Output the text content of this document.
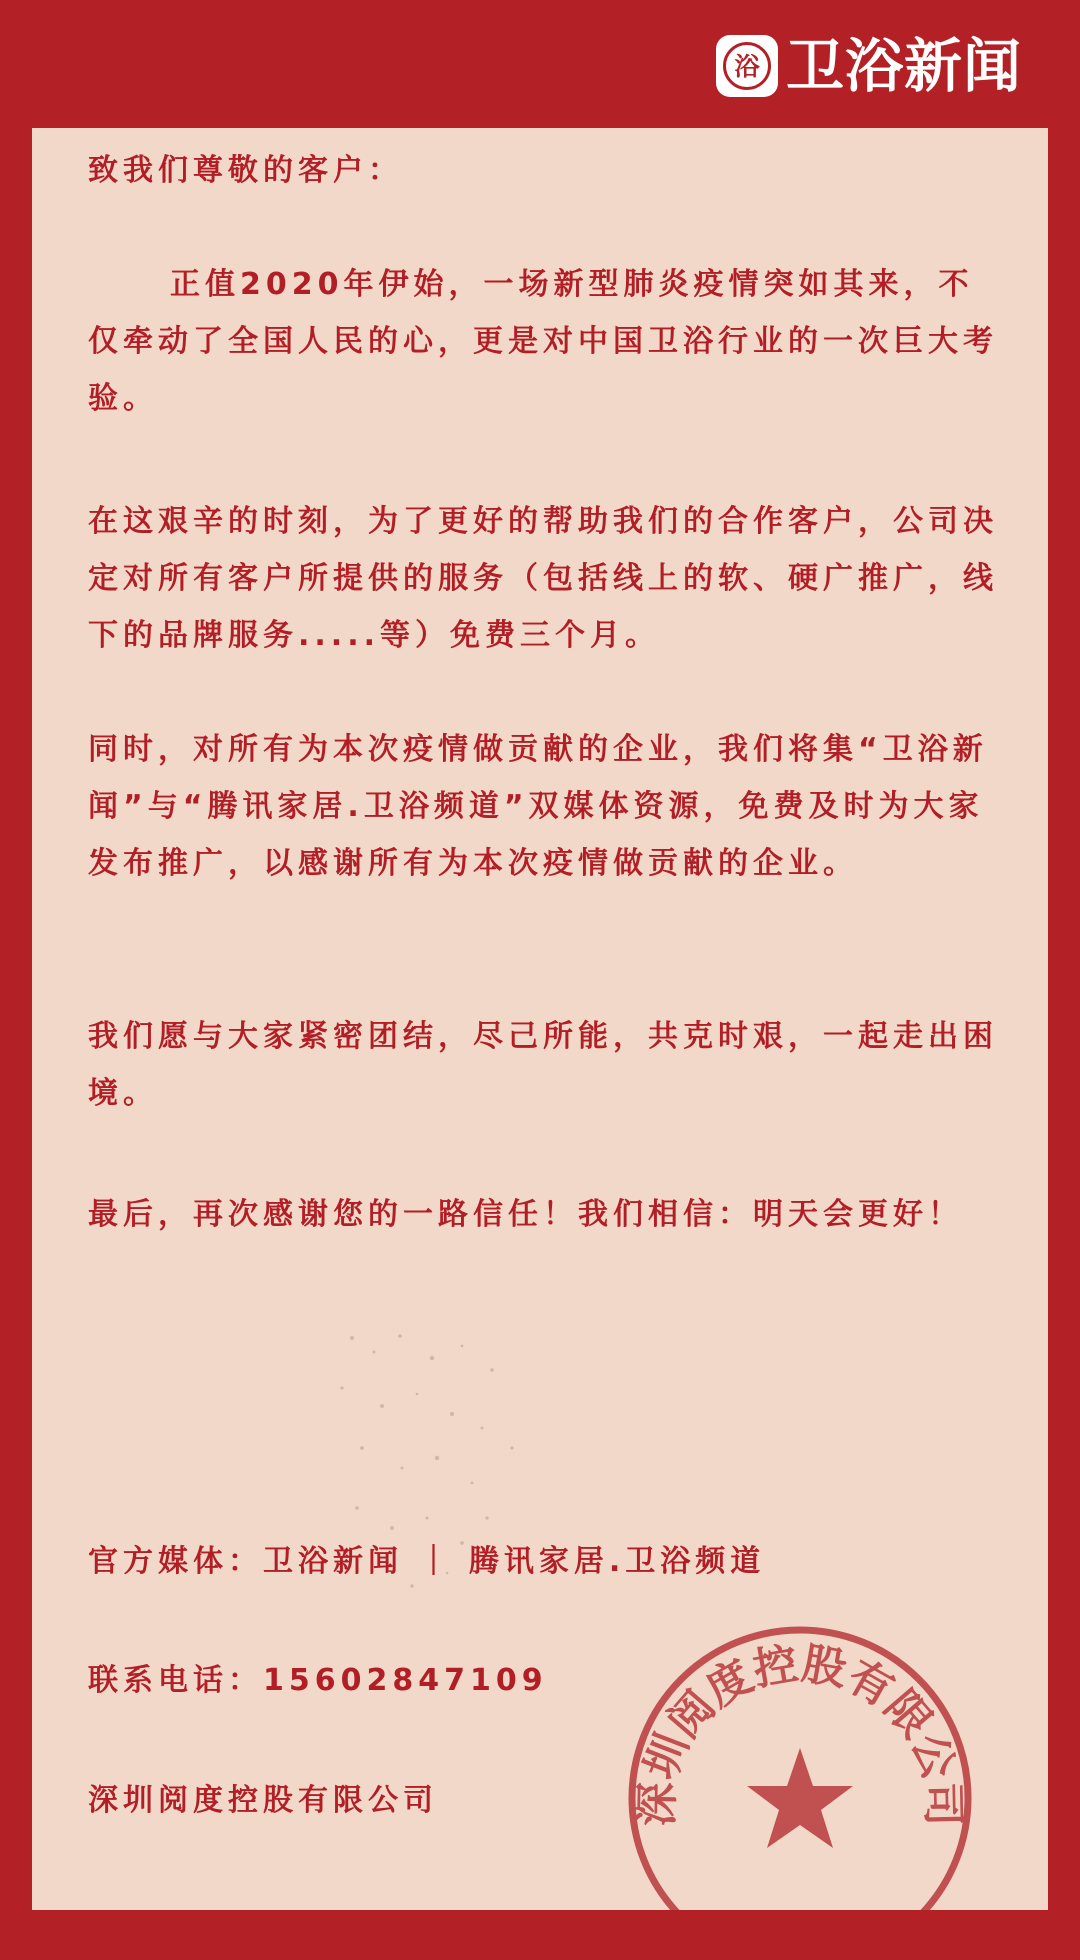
浴 卫浴新闻

致我们尊敬的客户：

正值2020年伊始，一场新型肺炎疫情突如其来，不仅牵动了全国人民的心，更是对中国卫浴行业的一次巨大考验。

在这艰辛的时刻，为了更好的帮助我们的合作客户，公司决定对所有客户所提供的服务（包括线上的软、硬广推广，线下的品牌服务.....等）免费三个月。

同时，对所有为本次疫情做贡献的企业，我们将集“卫浴新闻”与“腾讯家居.卫浴频道”双媒体资源，免费及时为大家发布推广，以感谢所有为本次疫情做贡献的企业。

我们愿与大家紧密团结，尽己所能，共克时艰，一起走出困境。

最后，再次感谢您的一路信任！我们相信：明天会更好！

官方媒体：卫浴新闻 ｜ 腾讯家居.卫浴频道

联系电话：15602847109

深圳阅度控股有限公司	深圳阅度控股有限公司
4403111010315
